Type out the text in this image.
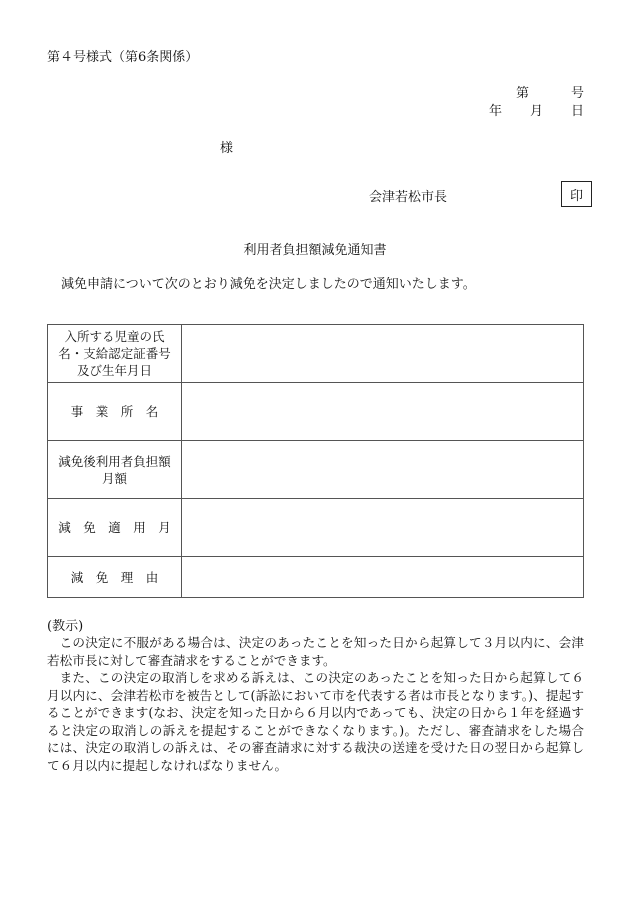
第４号様式（第6条関係）
第	号
年 月 日
様
会津若松市長	印
利用者負担額減免通知書
減免申請について次のとおり減免を決定しましたので通知いたします。
入所する児童の氏
名・支給認定証番号
及び生年月日	

事　業　所　名	

減免後利用者負担額
月額	

減　免　適　用　月	

減　免　理　由	

(教示)

この決定に不服がある場合は、決定のあったことを知った日から起算して３月以内に、会津若松市長に対して審査請求をすることができます。

また、この決定の取消しを求める訴えは、この決定のあったことを知った日から起算して６月以内に、会津若松市を被告として(訴訟において市を代表する者は市長となります。)、提起することができます(なお、決定を知った日から６月以内であっても、決定の日から１年を経過すると決定の取消しの訴えを提起することができなくなります。)。ただし、審査請求をした場合には、決定の取消しの訴えは、その審査請求に対する裁決の送達を受けた日の翌日から起算して６月以内に提起しなければなりません。
